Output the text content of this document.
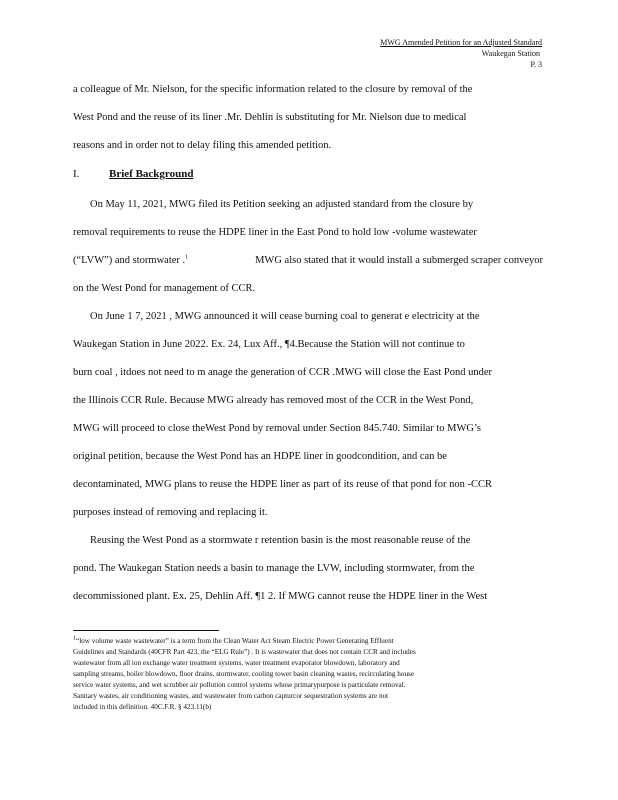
MWG Amended Petition for an Adjusted Standard
Waukegan Station
P. 3
a colleague of Mr. Nielson, for the specific information related to the closure by removal of the
West Pond and the reuse of its liner .Mr. Dehlin is substituting for Mr. Nielson due to medical
reasons and in order not to delay filing this amended petition.
I.	Brief Background
On May 11, 2021, MWG filed its Petition seeking an adjusted standard from the closure by
removal requirements to reuse the HDPE liner in the East Pond to hold low -volume wastewater
(“LVW”) and stormwater .$^1$	MWG also stated that it would install a submerged scraper conveyor
on the West Pond for management of CCR.
On June 1 7, 2021 , MWG announced it will cease burning coal to generat e electricity at the
Waukegan Station in June 2022. Ex. 24, Lux Aff., ¶4.Because the Station will not continue to
burn coal , itdoes not need to m anage the generation of CCR .MWG will close the East Pond under
the Illinois CCR Rule. Because MWG already has removed most of the CCR in the West Pond,
MWG will proceed to close theWest Pond by removal under Section 845.740. Similar to MWG’s
original petition, because the West Pond has an HDPE liner in goodcondition, and can be
decontaminated, MWG plans to reuse the HDPE liner as part of its reuse of that pond for non -CCR
purposes instead of removing and replacing it.
Reusing the West Pond as a stormwate r retention basin is the most reasonable reuse of the
pond. The Waukegan Station needs a basin to manage the LVW, including stormwater, from the
decommissioned plant. Ex. 25, Dehlin Aff. ¶1 2. If MWG cannot reuse the HDPE liner in the West
$^1$“low volume waste wastewater” is a term from the Clean Water Act Steam Electric Power Generating Effluent
Guidelines and Standards (40CFR Part 423, the “ELG Rule”) . It is wastewater that does not contain CCR and includes
wastewater from all ion exchange water treatment systems, water treatment evaporator blowdown, laboratory and
sampling streams, boiler blowdown, floor drains, stormwater, cooling tower basin cleaning wastes, recirculating house
service water systems, and wet scrubber air pollution control systems whose primarypurpose is particulate removal.
Sanitary wastes, air conditioning wastes, and wastewater from carbon capturcor sequestration systems are not
included in this definition. 40C.F.R. § 423.11(b)
